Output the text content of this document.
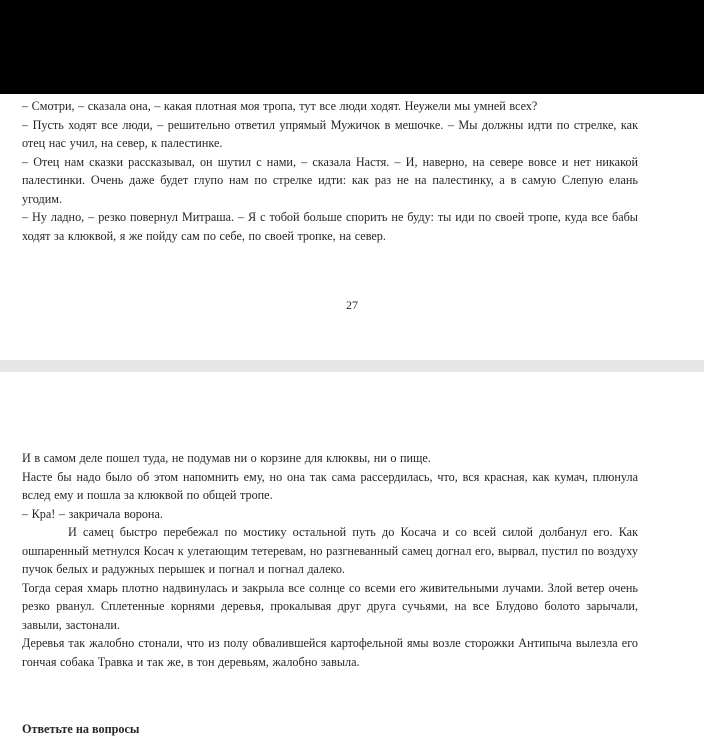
– Смотри, – сказала она, – какая плотная моя тропа, тут все люди ходят. Неужели мы умней всех?

– Пусть ходят все люди, – решительно ответил упрямый Мужичок в мешочке. – Мы должны идти по стрелке, как отец нас учил, на север, к палестинке.

– Отец нам сказки рассказывал, он шутил с нами, – сказала Настя. – И, наверно, на севере вовсе и нет никакой палестинки. Очень даже будет глупо нам по стрелке идти: как раз не на палестинку, а в самую Слепую елань угодим.

– Ну ладно, – резко повернул Митраша. – Я с тобой больше спорить не буду: ты иди по своей тропе, куда все бабы ходят за клюквой, я же пойду сам по себе, по своей тропке, на север.

27

И в самом деле пошел туда, не подумав ни о корзине для клюквы, ни о пище.

Насте бы надо было об этом напомнить ему, но она так сама рассердилась, что, вся красная, как кумач, плюнула вслед ему и пошла за клюквой по общей тропе.

– Кра! – закричала ворона.

И самец быстро перебежал по мостику остальной путь до Косача и со всей силой долбанул его. Как ошпаренный метнулся Косач к улетающим тетеревам, но разгневанный самец догнал его, вырвал, пустил по воздуху пучок белых и радужных перышек и погнал и погнал далеко.

Тогда серая хмарь плотно надвинулась и закрыла все солнце со всеми его живительными лучами. Злой ветер очень резко рванул. Сплетенные корнями деревья, прокалывая друг друга сучьями, на все Блудово болото зарычали, завыли, застонали.

Деревья так жалобно стонали, что из полу обвалившейся картофельной ямы возле сторожки Антипыча вылезла его гончая собака Травка и так же, в тон деревьям, жалобно завыла.

Ответьте на вопросы
